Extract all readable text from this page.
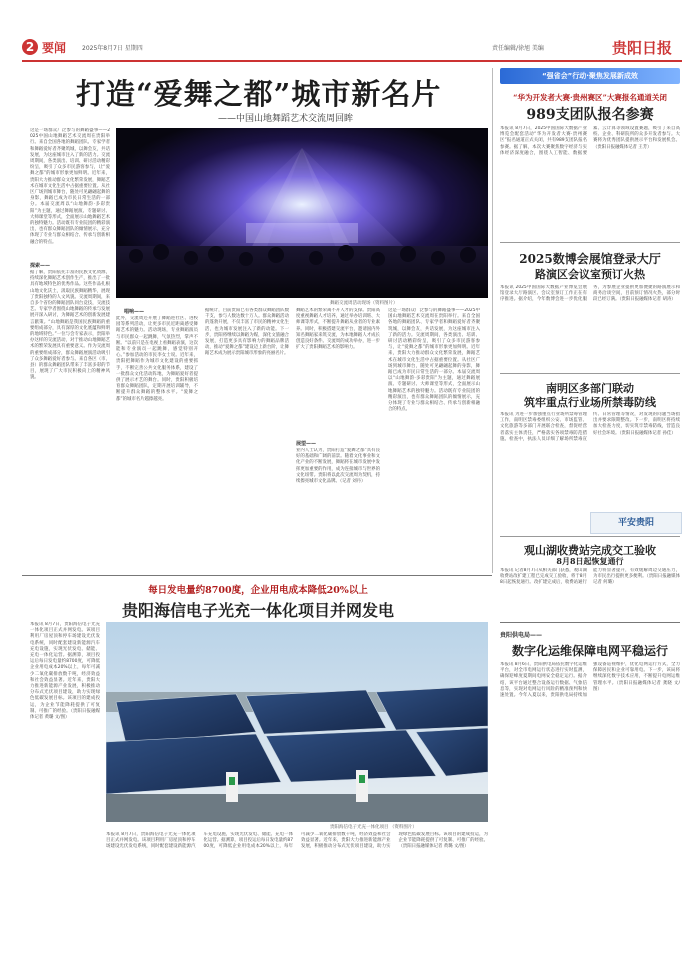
2 要闻	2025年8月7日 星期四	责任编辑/徐旭 美编	贵阳日报
打造“爱舞之都”城市新名片
——中国山地舞蹈艺术交流周回眸
这是一场群众广泛参与的舞蹈盛事——2025中国山地舞蹈艺术交流周在贵阳举行。来自全国各地的舞蹈团队、专家学者和舞蹈爱好者齐聚筑城，以舞会友，共话发展，为这座城市注入了新的活力。交流周期间，各类演出、培训、研讨活动精彩纷呈，吸引了众多市民游客参与，让“爱舞之都”的城市形象更加鲜明。近年来，贵阳大力推动群众文化繁荣发展，舞蹈艺术在城市文化生活中占据重要位置。从社区广场到城市舞台，随处可见翩翩起舞的身影，舞蹈已成为市民日常生活的一部分。本届交流周以“山地舞韵·多彩贵阳”为主题，通过舞蹈展演、专题研讨、大师课堂等形式，全面展示山地舞蹈艺术的独特魅力。活动既有专业院团的精彩演出，也有群众舞蹈团队的倾情展示，充分体现了专业与群众相结合、传承与创新相融合的特点。
探索——
据了解，贵阳依托丰富的民族文化资源，持续深化舞蹈艺术创作生产，推出了一批具有地域特色的优秀作品。这些作品扎根山地文化沃土，汲取民族舞蹈精华，展现了贵阳独特的人文风貌。交流周期间，来自多个省份的舞蹈团队同台竞技，交流技艺。专家学者围绕山地舞蹈的传承与发展展开深入研讨，为舞蹈艺术的创新发展建言献策。“山地舞蹈是我国民族舞蹈的重要组成部分，具有深厚的文化底蕴和鲜明的地域特色。”一位与会专家表示，贵阳举办这样的交流活动，对于推动山地舞蹈艺术的繁荣发展具有重要意义。作为交流周的重要组成部分，群众舞蹈展演活动吸引了众多舞蹈爱好者参与。来自各区（市、县）的群众舞蹈团队带来了丰富多彩的节目，展现了广大市民积极向上的精神风貌。
舞蹈交流周活动现场（资料图片）
唱响——
此外，交流周还开展了舞蹈进社区、进校园等系列活动，让更多市民近距离感受舞蹈艺术的魅力。活动现场，专业舞蹈演员与市民群众一起跳舞，气氛热烈，掌声不断。“以前只是在电视上看舞蹈表演，这次能和专业演员一起跳舞，感觉特别开心。”参加活动的市民李女士说。近年来，贵阳把舞蹈作为城市文化建设的重要抓手，不断完善公共文化服务体系，建设了一批群众文化活动阵地，为舞蹈爱好者提供了展示才艺的舞台。同时，贵阳积极培育群众舞蹈团队，定期开展培训辅导，不断提升群众舞蹈的整体水平。“爱舞之都”的城市名片越擦越亮。
据统计，目前贵阳已有各类群众舞蹈团队数千支，参与人数达数十万人。群众舞蹈活动的蓬勃开展，不仅丰富了市民的精神文化生活，也为城市发展注入了新的动能。下一步，贵阳将继续以舞蹈为媒，深化文旅融合发展，打造更多具有影响力的舞蹈品牌活动，推动“爱舞之都”建设迈上新台阶，让舞蹈艺术成为展示贵阳城市形象的亮丽名片。
展望——
舞蹈艺术的繁荣离不开人才的支撑。贵阳高度重视舞蹈人才培养，通过举办培训班、大师课等形式，不断提升舞蹈从业者的专业素养。同时，积极搭建交流平台，邀请国内外知名舞蹈家来筑交流，为本地舞蹈人才成长创造良好条件。交流周的成功举办，进一步扩大了贵阳舞蹈艺术的影响力。
业内人士认为，贵阳打造“爱舞之都”具有良好的基础和广阔的前景。随着文化事业和文化产业的不断发展，舞蹈将在城市发展中发挥更加重要的作用，成为连接城市与世界的文化纽带。贵阳将以此次交流周为契机，持续擦亮城市文化品牌。（记者 刘丹）
这是一场群众广泛参与的舞蹈盛事——2025中国山地舞蹈艺术交流周在贵阳举行。来自全国各地的舞蹈团队、专家学者和舞蹈爱好者齐聚筑城，以舞会友，共话发展，为这座城市注入了新的活力。交流周期间，各类演出、培训、研讨活动精彩纷呈，吸引了众多市民游客参与，让“爱舞之都”的城市形象更加鲜明。近年来，贵阳大力推动群众文化繁荣发展，舞蹈艺术在城市文化生活中占据重要位置。从社区广场到城市舞台，随处可见翩翩起舞的身影，舞蹈已成为市民日常生活的一部分。本届交流周以“山地舞韵·多彩贵阳”为主题，通过舞蹈展演、专题研讨、大师课堂等形式，全面展示山地舞蹈艺术的独特魅力。活动既有专业院团的精彩演出，也有群众舞蹈团队的倾情展示，充分体现了专业与群众相结合、传承与创新相融合的特点。
“强省会”行动·聚焦发展新成效
“华为开发者大赛·贵州赛区”大赛报名通道关闭
989支团队报名参赛
本报讯 8月7日，2025中国国际大数据产业博览会配套活动“华为开发者大赛·贵州赛区”报名通道正式关闭，共有989支团队报名参赛。据了解，本次大赛聚焦数字经济与实体经济深度融合，围绕人工智能、数据要素、云计算等领域设置赛题，吸引了来自高校、企业、科研院所的众多开发者参与。大赛将为优秀团队提供展示平台和发展机会。（贵阳日报融媒体记者 王芳）
2025数博会展馆登录大厅
路演区会议室预订火热
本报讯 2025中国国际大数据产业博览会展馆登录大厅路演区、会议室预订工作正在有序推进。据介绍，今年数博会进一步优化服务，为参展企业提供更加便捷的路演展示和商务洽谈空间，目前预订情况火热，部分时段已经订满。（贵阳日报融媒体记者 胡涛）
南明区多部门联动
筑牢重点行业场所禁毒防线
本报讯 为进一步加强重点行业场所禁毒管理工作，南明区禁毒委组织公安、市场监管、文化旅游等多部门开展联合检查，督促经营者落实主体责任，严格落实各项禁毒防范措施。检查中，执法人员详细了解场所禁毒宣传、日常管理等情况，对发现的问题当场指出并要求限期整改。下一步，南明区将持续加大检查力度，切实筑牢禁毒防线，营造良好社会环境。（贵阳日报融媒体记者 孙佳）
平安贵阳
观山湖收费站完成交工验收
8月8日起恢复通行
本报讯 记者8月7日从相关部门获悉，观山湖收费站改扩建工程已完成交工验收，将于8月8日起恢复通行。改扩建完成后，收费站通行能力将显著提升，有效缓解周边交通压力，为市民出行提供更多便利。（贵阳日报融媒体记者 何璐）
每日发电量约8700度，企业用电成本降低20%以上
贵阳海信电子光充一体化项目并网发电
本报讯 8月7日，贵阳海信电子光充一体化项目正式并网发电。该项目利用厂房屋顶和停车场建设光伏发电系统，同时配套建设新能源汽车充电设施，实现光伏发电、储能、充电一体化运营。据测算，项目投运后每日发电量约8700度，可降低企业用电成本20%以上，每年可减少二氧化碳排放数千吨，经济效益和社会效益显著。近年来，贵阳大力推进新能源产业发展，积极推动分布式光伏项目建设，助力实现绿色低碳发展目标。该项目的建成投运，为企业节能降耗提供了可复制、可推广的经验。（贵阳日报融媒体记者 黄璐 文/图）
贵阳海信电子光充一体化项目 （资料图片）
本报讯 8月7日，贵阳海信电子光充一体化项目正式并网发电。该项目利用厂房屋顶和停车场建设光伏发电系统，同时配套建设新能源汽车充电设施，实现光伏发电、储能、充电一体化运营。据测算，项目投运后每日发电量约8700度，可降低企业用电成本20%以上，每年可减少二氧化碳排放数千吨，经济效益和社会效益显著。近年来，贵阳大力推进新能源产业发展，积极推动分布式光伏项目建设，助力实现绿色低碳发展目标。该项目的建成投运，为企业节能降耗提供了可复制、可推广的经验。（贵阳日报融媒体记者 黄璐 文/图）
贵阳供电局——
数字化运维保障电网平稳运行
本报讯 8月6日，贵阳供电局依托数字化运维平台，对全市电网运行状态进行实时监测，确保迎峰度夏期间电网安全稳定运行。据介绍，该平台通过整合设备运行数据、气象信息等，实现对电网运行风险的精准预判和快速处置。今年入夏以来，贵阳供电局持续加强设备巡视维护，优化电网运行方式，全力保障居民和企业可靠用电。下一步，该局将继续深化数字技术应用，不断提升电网运维管理水平。（贵阳日报融媒体记者 龚晓 文/图）
